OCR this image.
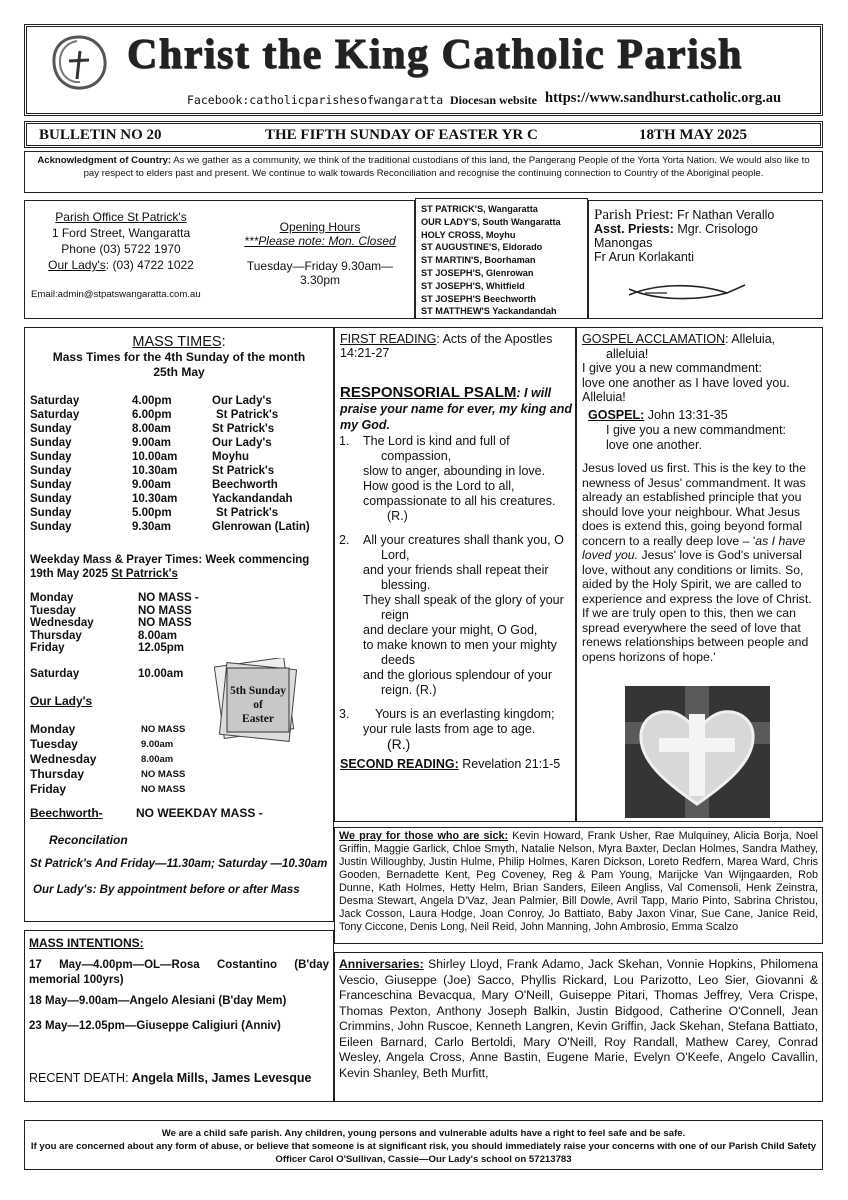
Christ the King Catholic Parish
Facebook:catholicparishesofwangaratta Diocesan website https://www.sandhurst.catholic.org.au
BULLETIN NO 20	THE FIFTH SUNDAY OF EASTER YR C	18TH MAY 2025
Acknowledgment of Country: As we gather as a community, we think of the traditional custodians of this land, the Pangerang People of the Yorta Yorta Nation. We would also like to pay respect to elders past and present. We continue to walk towards Reconciliation and recognise the continuing connection to Country of the Aboriginal people.
Parish Office St Patrick's
1 Ford Street, Wangaratta
Phone (03) 5722 1970
Our Lady's: (03) 4722 1022
Opening Hours
***Please note: Mon. Closed
Tuesday—Friday 9.30am—3.30pm
Email:admin@stpatswangaratta.com.au
ST PATRICK'S, Wangaratta
OUR LADY'S, South Wangaratta
HOLY CROSS, Moyhu
ST AUGUSTINE'S, Eldorado
ST MARTIN'S, Boorhaman
ST JOSEPH'S, Glenrowan
ST JOSEPH'S, Whitfield
ST JOSEPH'S Beechworth
ST MATTHEW'S Yackandandah
Parish Priest: Fr Nathan Verallo
Asst. Priests: Mgr. Crisologo
Manongas
Fr Arun Korlakanti
MASS TIMES:
Mass Times for the 4th Sunday of the month
25th May
Saturday	4.00pm	Our Lady's
Saturday	6.00pm	St Patrick's
Sunday	8.00am	St Patrick's
Sunday	9.00am	Our Lady's
Sunday	10.00am	Moyhu
Sunday	10.30am	St Patrick's
Sunday	9.00am	Beechworth
Sunday	10.30am	Yackandandah
Sunday	5.00pm	St Patrick's
Sunday	9.30am	Glenrowan (Latin)
Weekday Mass & Prayer Times: Week commencing
19th May 2025 St Patrrick's
Monday	NO MASS -
Tuesday	NO MASS
Wednesday	NO MASS
Thursday	8.00am
Friday	12.05pm
Saturday	10.00am
5th Sunday
of
Easter
Our Lady's
Monday	NO MASS
Tuesday	9.00am
Wednesday	8.00am
Thursday	NO MASS
Friday	NO MASS
Beechworth-	NO WEEKDAY MASS -
Reconcilation
St Patrick's And Friday—11.30am; Saturday —10.30am
Our Lady's: By appointment before or after Mass
MASS INTENTIONS:
17 May—4.00pm—OL—Rosa Costantino (B'day memorial 100yrs)
18 May—9.00am—Angelo Alesiani (B'day Mem)
23 May—12.05pm—Giuseppe Caligiuri (Anniv)
RECENT DEATH: Angela Mills, James Levesque
FIRST READING: Acts of the Apostles 14:21-27
RESPONSORIAL PSALM: I will praise your name for ever, my king and my God.
1. The Lord is kind and full of
compassion,
slow to anger, abounding in love.
How good is the Lord to all,
compassionate to all his creatures.
(R.)
2. All your creatures shall thank you, O
Lord,
and your friends shall repeat their
blessing.
They shall speak of the glory of your
reign
and declare your might, O God,
to make known to men your mighty
deeds
and the glorious splendour of your
reign. (R.)
3.	Yours is an everlasting kingdom;
your rule lasts from age to age.
(R.)
SECOND READING: Revelation 21:1-5
GOSPEL ACCLAMATION: Alleluia,
alleluia!
I give you a new commandment:
love one another as I have loved you.
Alleluia!
GOSPEL: John 13:31-35
I give you a new commandment:
love one another.
Jesus loved us first. This is the key to the newness of Jesus' commandment. It was already an established principle that you should love your neighbour. What Jesus does is extend this, going beyond formal concern to a really deep love – 'as I have loved you. Jesus' love is God's universal love, without any conditions or limits. So, aided by the Holy Spirit, we are called to experience and express the love of Christ. If we are truly open to this, then we can spread everywhere the seed of love that renews relationships between people and opens horizons of hope.'
We pray for those who are sick: Kevin Howard, Frank Usher, Rae Mulquiney, Alicia Borja, Noel Griffin, Maggie Garlick, Chloe Smyth, Natalie Nelson, Myra Baxter, Declan Holmes, Sandra Mathey, Justin Willoughby, Justin Hulme, Philip Holmes, Karen Dickson, Loreto Redfern, Marea Ward, Chris Gooden, Bernadette Kent, Peg Coveney, Reg & Pam Young, Marijcke Van Wijngaarden, Rob Dunne, Kath Holmes, Hetty Helm, Brian Sanders, Eileen Angliss, Val Comensoli, Henk Zeinstra, Desma Stewart, Angela D'Vaz, Jean Palmier, Bill Dowle, Avril Tapp, Mario Pinto, Sabrina Christou, Jack Cosson, Laura Hodge, Joan Conroy, Jo Battiato, Baby Jaxon Vinar, Sue Cane, Janice Reid, Tony Ciccone, Denis Long, Neil Reid, John Manning, John Ambrosio, Emma Scalzo
Anniversaries: Shirley Lloyd, Frank Adamo, Jack Skehan, Vonnie Hopkins, Philomena Vescio, Giuseppe (Joe) Sacco, Phyllis Rickard, Lou Parizotto, Leo Sier, Giovanni & Franceschina Bevacqua, Mary O'Neill, Guiseppe Pitari, Thomas Jeffrey, Vera Crispe, Thomas Pexton, Anthony Joseph Balkin, Justin Bidgood, Catherine O'Connell, Jean Crimmins, John Ruscoe, Kenneth Langren, Kevin Griffin, Jack Skehan, Stefana Battiato, Eileen Barnard, Carlo Bertoldi, Mary O'Neill, Roy Randall, Mathew Carey, Conrad Wesley, Angela Cross, Anne Bastin, Eugene Marie, Evelyn O'Keefe, Angelo Cavallin, Kevin Shanley, Beth Murfitt,
We are a child safe parish. Any children, young persons and vulnerable adults have a right to feel safe and be safe.
If you are concerned about any form of abuse, or believe that someone is at significant risk, you should immediately raise your concerns with one of our Parish Child Safety
Officer Carol O'Sullivan, Cassie—Our Lady's school on 57213783
